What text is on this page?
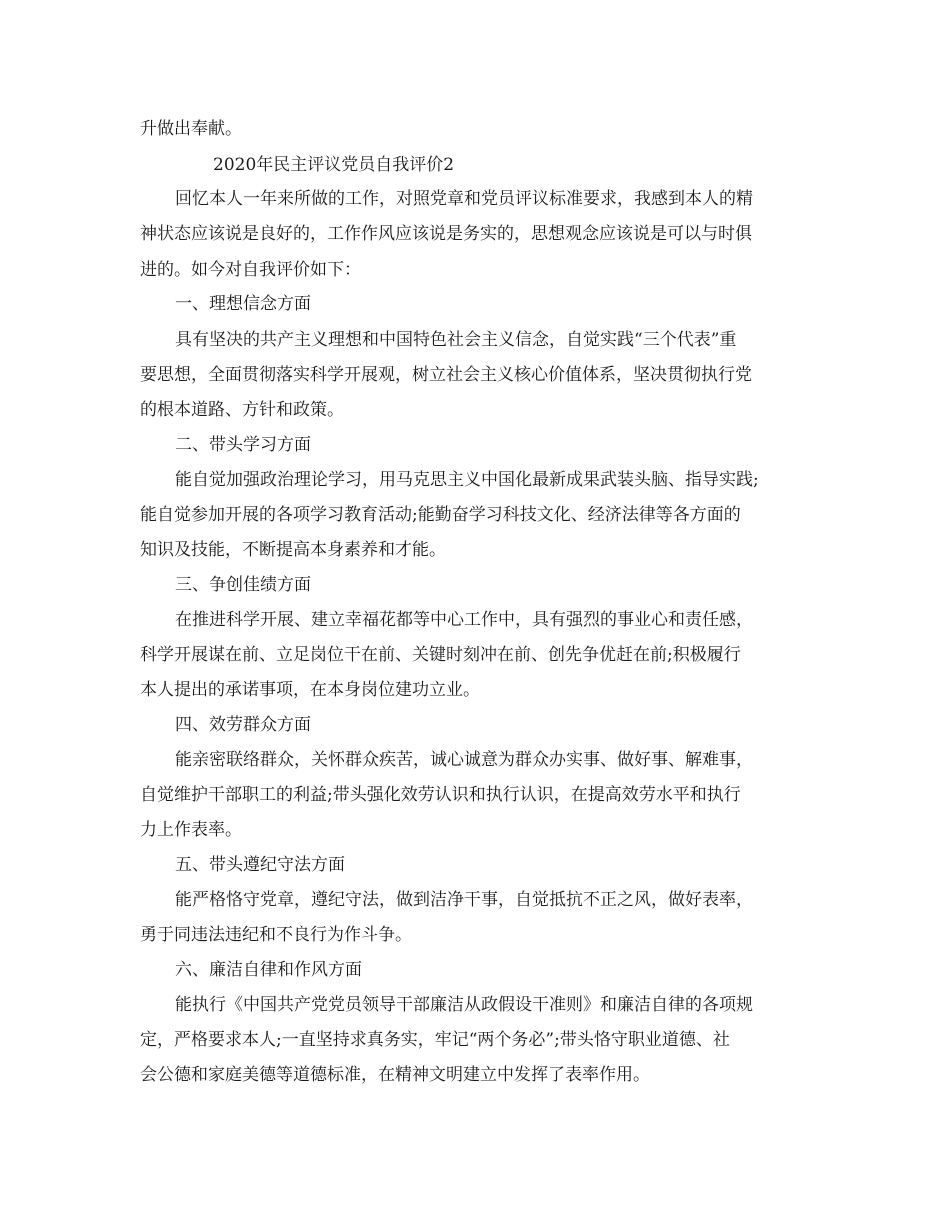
升做出奉献。
2020年民主评议党员自我评价2
回忆本人一年来所做的工作，对照党章和党员评议标准要求，我感到本人的精
神状态应该说是良好的，工作作风应该说是务实的，思想观念应该说是可以与时俱
进的。如今对自我评价如下：
一、理想信念方面
具有坚决的共产主义理想和中国特色社会主义信念，自觉实践“三个代表”重
要思想，全面贯彻落实科学开展观，树立社会主义核心价值体系，坚决贯彻执行党
的根本道路、方针和政策。
二、带头学习方面
能自觉加强政治理论学习，用马克思主义中国化最新成果武装头脑、指导实践;
能自觉参加开展的各项学习教育活动;能勤奋学习科技文化、经济法律等各方面的
知识及技能，不断提高本身素养和才能。
三、争创佳绩方面
在推进科学开展、建立幸福花都等中心工作中，具有强烈的事业心和责任感，
科学开展谋在前、立足岗位干在前、关键时刻冲在前、创先争优赶在前;积极履行
本人提出的承诺事项，在本身岗位建功立业。
四、效劳群众方面
能亲密联络群众，关怀群众疾苦，诚心诚意为群众办实事、做好事、解难事，
自觉维护干部职工的利益;带头强化效劳认识和执行认识，在提高效劳水平和执行
力上作表率。
五、带头遵纪守法方面
能严格恪守党章，遵纪守法，做到洁净干事，自觉抵抗不正之风，做好表率，
勇于同违法违纪和不良行为作斗争。
六、廉洁自律和作风方面
能执行《中国共产党党员领导干部廉洁从政假设干准则》和廉洁自律的各项规
定，严格要求本人;一直坚持求真务实，牢记“两个务必”;带头恪守职业道德、社
会公德和家庭美德等道德标准，在精神文明建立中发挥了表率作用。
